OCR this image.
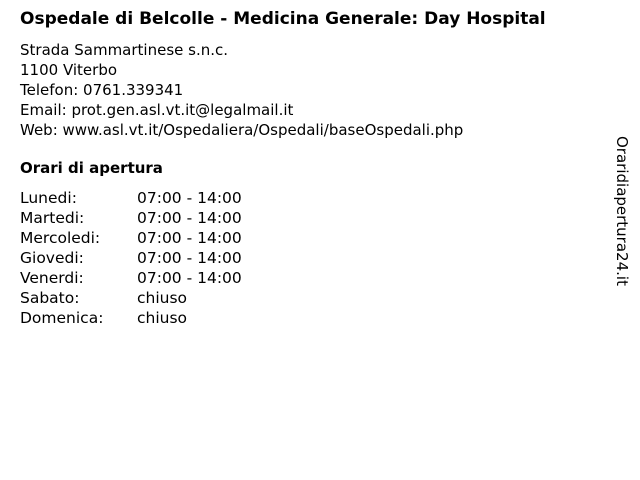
Ospedale di Belcolle - Medicina Generale: Day Hospital
Strada Sammartinese s.n.c.
1100 Viterbo
Telefon: 0761.339341
Email: prot.gen.asl.vt.it@legalmail.it
Web: www.asl.vt.it/Ospedaliera/Ospedali/baseOspedali.php
Orari di apertura
Lunedi:	07:00 - 14:00
Martedi:	07:00 - 14:00
Mercoledi:	07:00 - 14:00
Giovedi:	07:00 - 14:00
Venerdi:	07:00 - 14:00
Sabato:	chiuso
Domenica:	chiuso
Oraridiapertura24.it
